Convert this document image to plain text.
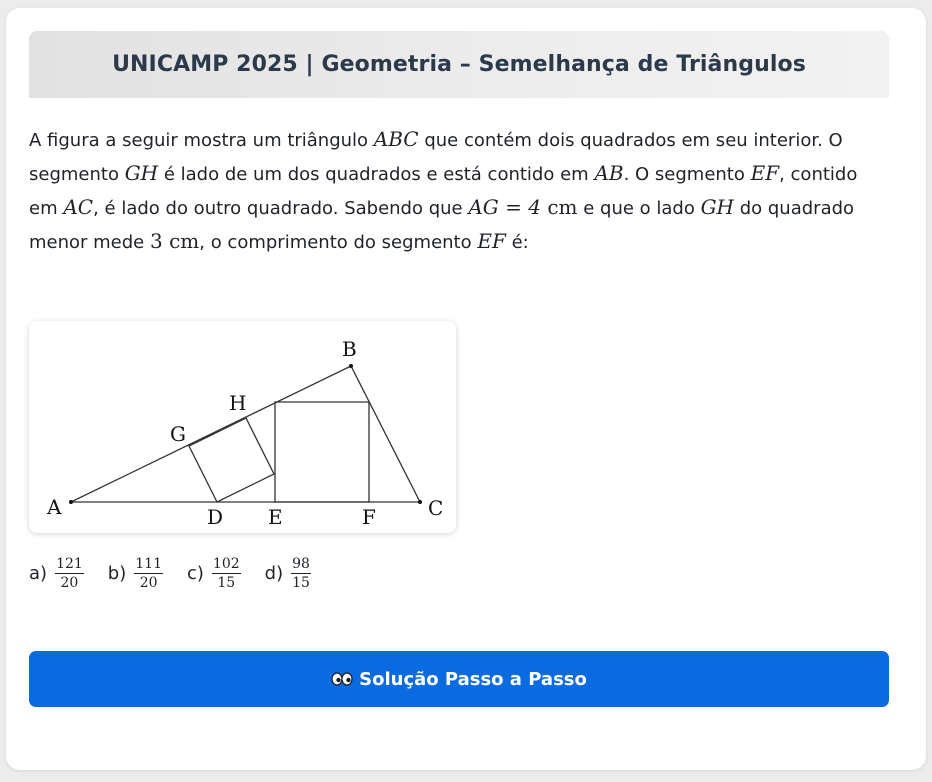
UNICAMP 2025 | Geometria – Semelhança de Triângulos

A figura a seguir mostra um triângulo ABC que contém dois quadrados em seu interior. O segmento GH é lado de um dos quadrados e está contido em AB. O segmento EF, contido em AC, é lado do outro quadrado. Sabendo que AG = 4 cm e que o lado GH do quadrado menor mede 3 cm, o comprimento do segmento EF é:

A
B
C
D E	F
G
H
$a) \frac{121}{20} b) \frac{111}{20} c) \frac{102}{15} d) \frac{98}{15}$
Solução Passo a Passo
